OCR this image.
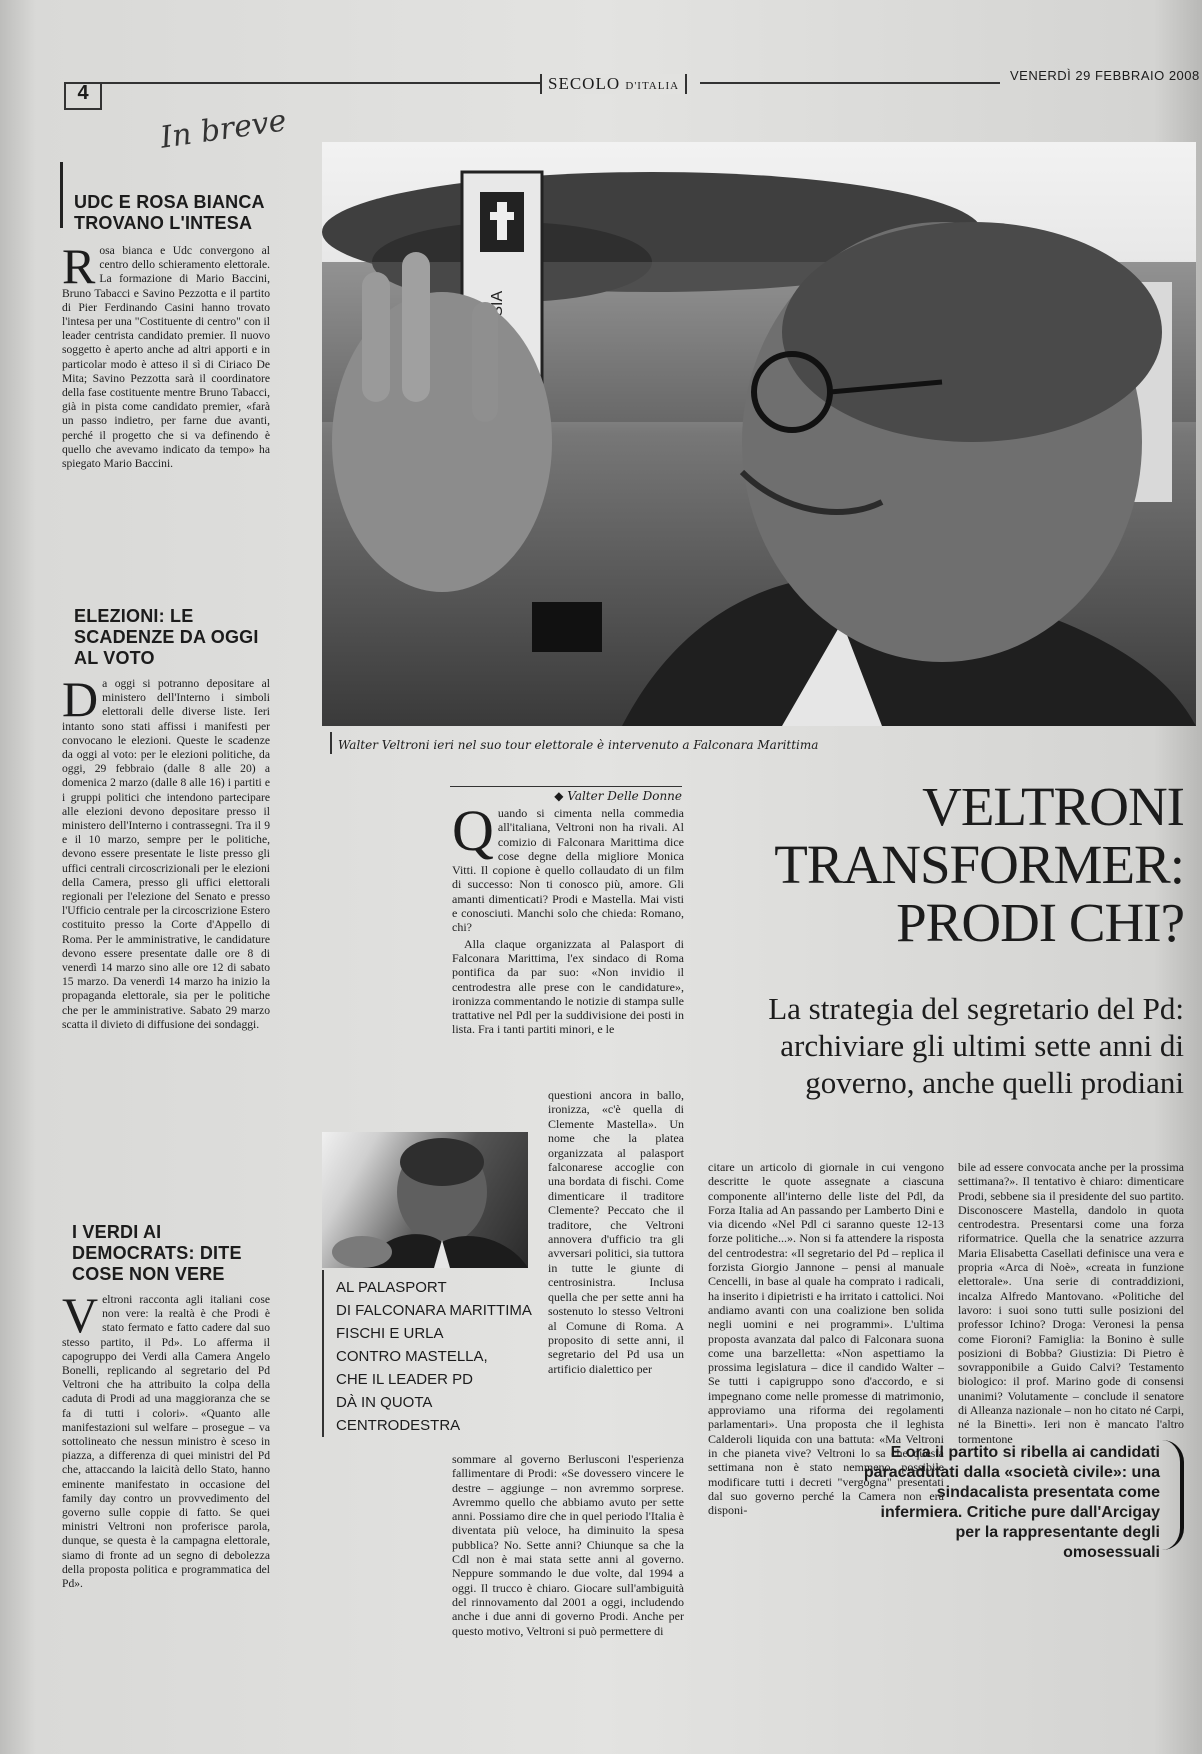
4	SECOLO D'ITALIA
VENERDÌ 29 FEBBRAIO 2008
In breve
UDC E ROSA BIANCA TROVANO L'INTESA
R osa bianca e Udc convergono al centro dello schieramento elettorale. La formazione di Mario Baccini, Bruno Tabacci e Savino Pezzotta e il partito di Pier Ferdinando Casini hanno trovato l'intesa per una "Costituente di centro" con il leader centrista candidato premier. Il nuovo soggetto è aperto anche ad altri apporti e in particolar modo è atteso il sì di Ciriaco De Mita; Savino Pezzotta sarà il coordinatore della fase costituente mentre Bruno Tabacci, già in pista come candidato premier, «farà un passo indietro, per farne due avanti, perché il progetto che si va definendo è quello che avevamo indicato da tempo» ha spiegato Mario Baccini.
ELEZIONI: LE SCADENZE DA OGGI AL VOTO
D a oggi si potranno depositare al ministero dell'Interno i simboli elettorali delle diverse liste. Ieri intanto sono stati affissi i manifesti per convocano le elezioni. Queste le scadenze da oggi al voto: per le elezioni politiche, da oggi, 29 febbraio (dalle 8 alle 20) a domenica 2 marzo (dalle 8 alle 16) i partiti e i gruppi politici che intendono partecipare alle elezioni devono depositare presso il ministero dell'Interno i contrassegni. Tra il 9 e il 10 marzo, sempre per le politiche, devono essere presentate le liste presso gli uffici centrali circoscrizionali per le elezioni della Camera, presso gli uffici elettorali regionali per l'elezione del Senato e presso l'Ufficio centrale per la circoscrizione Estero costituito presso la Corte d'Appello di Roma. Per le amministrative, le candidature devono essere presentate dalle ore 8 di venerdì 14 marzo sino alle ore 12 di sabato 15 marzo. Da venerdì 14 marzo ha inizio la propaganda elettorale, sia per le politiche che per le amministrative. Sabato 29 marzo scatta il divieto di diffusione dei sondaggi.
I VERDI AI DEMOCRATS: DITE COSE NON VERE
V eltroni racconta agli italiani cose non vere: la realtà è che Prodi è stato fermato e fatto cadere dal suo stesso partito, il Pd». Lo afferma il capogruppo dei Verdi alla Camera Angelo Bonelli, replicando al segretario del Pd Veltroni che ha attribuito la colpa della caduta di Prodi ad una maggioranza che se fa di tutti i colori». «Quanto alle manifestazioni sul welfare – prosegue – va sottolineato che nessun ministro è sceso in piazza, a differenza di quei ministri del Pd che, attaccando la laicità dello Stato, hanno eminente manifestato in occasione del family day contro un provvedimento del governo sulle coppie di fatto. Se quei ministri Veltroni non proferisce parola, dunque, se questa è la campagna elettorale, siamo di fronte ad un segno di debolezza della proposta politica e programmatica del Pd».
Walter Veltroni ieri nel suo tour elettorale è intervenuto a Falconara Marittima
◆ Valter Delle Donne	VELTRONI
TRANSFORMER:
PRODI CHI?
La strategia del segretario del Pd: archiviare gli ultimi sette anni di governo, anche quelli prodiani
Q uando si cimenta nella commedia all'italiana, Veltroni non ha rivali. Al comizio di Falconara Marittima dice cose degne della migliore Monica Vitti. Il copione è quello collaudato di un film di successo: Non ti conosco più, amore. Gli amanti dimenticati? Prodi e Mastella. Mai visti e conosciuti. Manchi solo che chieda: Romano, chi?

Alla claque organizzata al Palasport di Falconara Marittima, l'ex sindaco di Roma pontifica da par suo: «Non invidio il centrodestra alle prese con le candidature», ironizza commentando le notizie di stampa sulle trattative nel Pdl per la suddivisione dei posti in lista. Fra i tanti partiti minori, e le

questioni ancora in ballo, ironizza, «c'è quella di Clemente Mastella». Un nome che la platea organizzata al palasport falconarese accoglie con una bordata di fischi. Come dimenticare il traditore Clemente? Peccato che il traditore, che Veltroni annovera d'ufficio tra gli avversari politici, sia tuttora in tutte le giunte di centrosinistra. Inclusa quella che per sette anni ha sostenuto lo stesso Veltroni al Comune di Roma. A proposito di sette anni, il segretario del Pd usa un artificio dialettico per
sommare al governo Berlusconi l'esperienza fallimentare di Prodi: «Se dovessero vincere le destre – aggiunge – non avremmo sorprese. Avremmo quello che abbiamo avuto per sette anni. Possiamo dire che in quel periodo l'Italia è diventata più veloce, ha diminuito la spesa pubblica? No. Sette anni? Chiunque sa che la Cdl non è mai stata sette anni al governo. Neppure sommando le due volte, dal 1994 a oggi. Il trucco è chiaro. Giocare sull'ambiguità del rinnovamento dal 2001 a oggi, includendo anche i due anni di governo Prodi. Anche per questo motivo, Veltroni si può permettere di
citare un articolo di giornale in cui vengono descritte le quote assegnate a ciascuna componente all'interno delle liste del Pdl, da Forza Italia ad An passando per Lamberto Dini e via dicendo «Nel Pdl ci saranno queste 12-13 forze politiche...». Non si fa attendere la risposta del centrodestra: «Il segretario del Pd – replica il forzista Giorgio Jannone – pensi al manuale Cencelli, in base al quale ha comprato i radicali, ha inserito i dipietristi e ha irritato i cattolici. Noi andiamo avanti con una coalizione ben solida negli uomini e nei programmi». L'ultima proposta avanzata dal palco di Falconara suona come una barzelletta: «Non aspettiamo la prossima legislatura – dice il candido Walter – Se tutti i capigruppo sono d'accordo, e si impegnano come nelle promesse di matrimonio, approviamo una riforma dei regolamenti parlamentari». Una proposta che il leghista Calderoli liquida con una battuta: «Ma Veltroni in che pianeta vive? Veltroni lo sa che questa settimana non è stato nemmeno possibile modificare tutti i decreti "vergogna" presentati dal suo governo perché la Camera non era disponi-
bile ad essere convocata anche per la prossima settimana?». Il tentativo è chiaro: dimenticare Prodi, sebbene sia il presidente del suo partito. Disconoscere Mastella, dandolo in quota centrodestra. Presentarsi come una forza riformatrice. Quella che la senatrice azzurra Maria Elisabetta Casellati definisce una vera e propria «Arca di Noè», «creata in funzione elettorale». Una serie di contraddizioni, incalza Alfredo Mantovano. «Politiche del lavoro: i suoi sono tutti sulle posizioni del professor Ichino? Droga: Veronesi la pensa come Fioroni? Famiglia: la Bonino è sulle posizioni di Bobba? Giustizia: Di Pietro è sovrapponibile a Guido Calvi? Testamento biologico: il prof. Marino gode di consensi unanimi? Volutamente – conclude il senatore di Alleanza nazionale – non ho citato né Carpi, né la Binetti». Ieri non è mancato l'altro tormentone
E ora il partito si ribella ai candidati paracadutati dalla «società civile»: una sindacalista presentata come infermiera. Critiche pure dall'Arcigay per la rappresentante degli omosessuali
AL PALASPORT
DI FALCONARA MARITTIMA
FISCHI E URLA
CONTRO MASTELLA,
CHE IL LEADER PD
DÀ IN QUOTA CENTRODESTRA
